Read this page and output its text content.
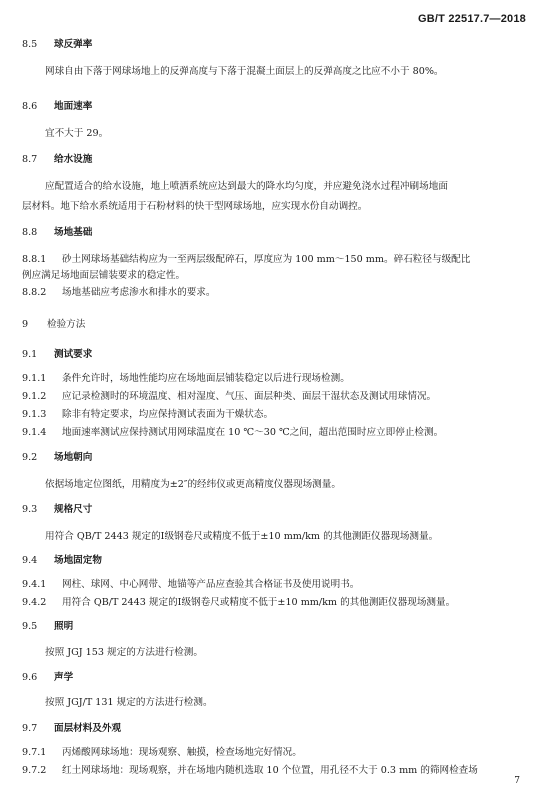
GB/T 22517.7—2018
8.5 球反弹率
网球自由下落于网球场地上的反弹高度与下落于混凝土面层上的反弹高度之比应不小于 80%。
8.6 地面速率
宜不大于 29。
8.7 给水设施
应配置适合的给水设施，地上喷洒系统应达到最大的降水均匀度，并应避免浇水过程冲刷场地面
层材料。地下给水系统适用于石粉材料的快干型网球场地，应实现水份自动调控。
8.8 场地基础
8.8.1 砂土网球场基础结构应为一至两层级配碎石，厚度应为 100 mm～150 mm。碎石粒径与级配比
例应满足场地面层铺装要求的稳定性。
8.8.2 场地基础应考虑渗水和排水的要求。
9 检验方法
9.1 测试要求
9.1.1 条件允许时，场地性能均应在场地面层铺装稳定以后进行现场检测。
9.1.2 应记录检测时的环境温度、相对湿度、气压、面层种类、面层干湿状态及测试用球情况。
9.1.3 除非有特定要求，均应保持测试表面为干燥状态。
9.1.4 地面速率测试应保持测试用网球温度在 10 ℃～30 ℃之间，超出范围时应立即停止检测。
9.2 场地朝向
依据场地定位图纸，用精度为±2″的经纬仪或更高精度仪器现场测量。
9.3 规格尺寸
用符合 QB/T 2443 规定的Ⅰ级钢卷尺或精度不低于±10 mm/km 的其他测距仪器现场测量。
9.4 场地固定物
9.4.1 网柱、球网、中心网带、地锚等产品应查验其合格证书及使用说明书。
9.4.2 用符合 QB/T 2443 规定的Ⅰ级钢卷尺或精度不低于±10 mm/km 的其他测距仪器现场测量。
9.5 照明
按照 JGJ 153 规定的方法进行检测。
9.6 声学
按照 JGJ/T 131 规定的方法进行检测。
9.7 面层材料及外观
9.7.1 丙烯酸网球场地：现场观察、触摸，检查场地完好情况。
9.7.2 红土网球场地：现场观察，并在场地内随机选取 10 个位置，用孔径不大于 0.3 mm 的筛网检查场
7
